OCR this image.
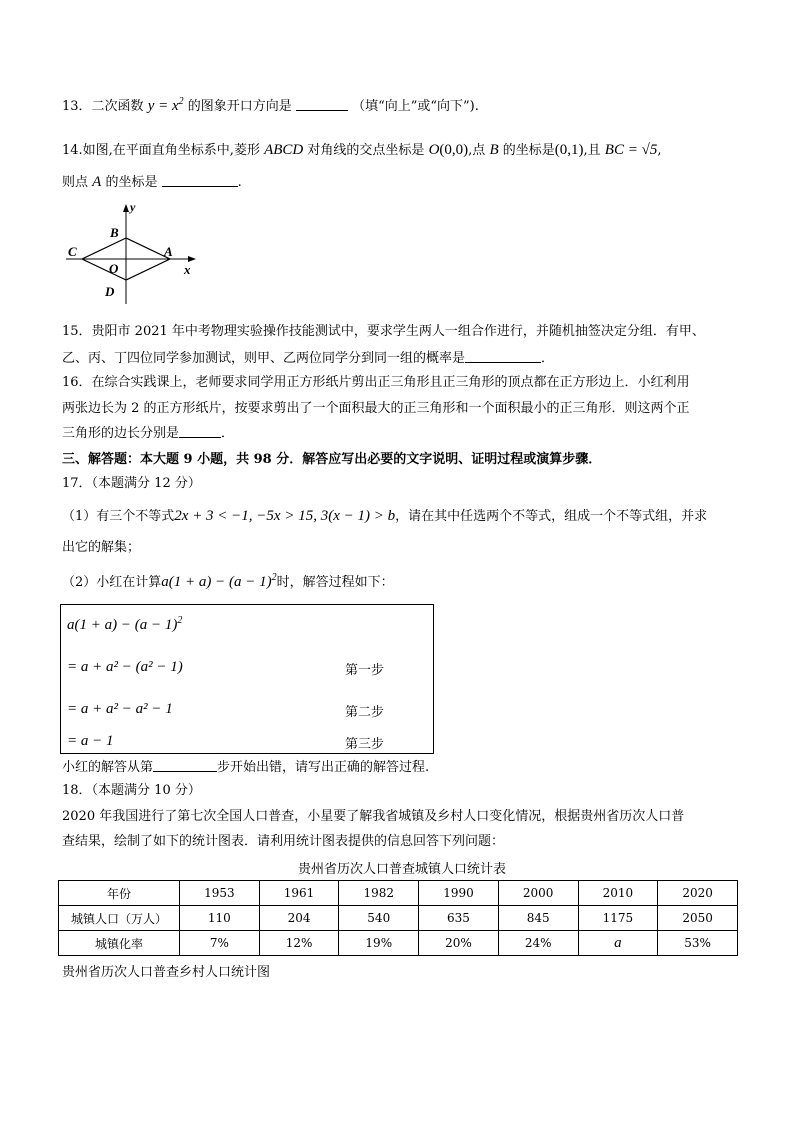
13．二次函数 $y = x^2$ 的图象开口方向是	（填“向上”或“向下”).
14.如图,在平面直角坐标系中,菱形 ABCD 对角线的交点坐标是 O(0,0),点 B 的坐标是(0,1),且 BC = √5,
则点 A 的坐标是	.
x
y
A
B
C
D
O
15．贵阳市 2021 年中考物理实验操作技能测试中，要求学生两人一组合作进行，并随机抽签决定分组．有甲、
乙、丙、丁四位同学参加测试，则甲、乙两位同学分到同一组的概率是	．
16．在综合实践课上，老师要求同学用正方形纸片剪出正三角形且正三角形的顶点都在正方形边上．小红利用
两张边长为 2 的正方形纸片，按要求剪出了一个面积最大的正三角形和一个面积最小的正三角形．则这两个正
三角形的边长分别是	．
三、解答题：本大题 9 小题，共 98 分．解答应写出必要的文字说明、证明过程或演算步骤．
17．（本题满分 12 分）
（1）有三个不等式2x + 3 < −1, −5x > 15, 3(x − 1) > b，请在其中任选两个不等式，组成一个不等式组，并求
出它的解集；
（2）小红在计算$a(1 + a) - (a - 1)^2$时，解答过程如下：
$a(1 + a) - (a - 1)^2$
= a + a² − (a² − 1)	第一步
= a + a² − a² − 1	第二步
= a − 1	第三步
小红的解答从第	步开始出错，请写出正确的解答过程.
18．（本题满分 10 分）
2020 年我国进行了第七次全国人口普查，小星要了解我省城镇及乡村人口变化情况，根据贵州省历次人口普
查结果，绘制了如下的统计图表．请利用统计图表提供的信息回答下列问题：
贵州省历次人口普查城镇人口统计表
年份	1953	1961	1982	1990	2000	2010	2020
城镇人口（万人）	110	204	540	635	845	1175	2050
城镇化率	7%	12%	19%	20%	24%	a	53%
贵州省历次人口普查乡村人口统计图
